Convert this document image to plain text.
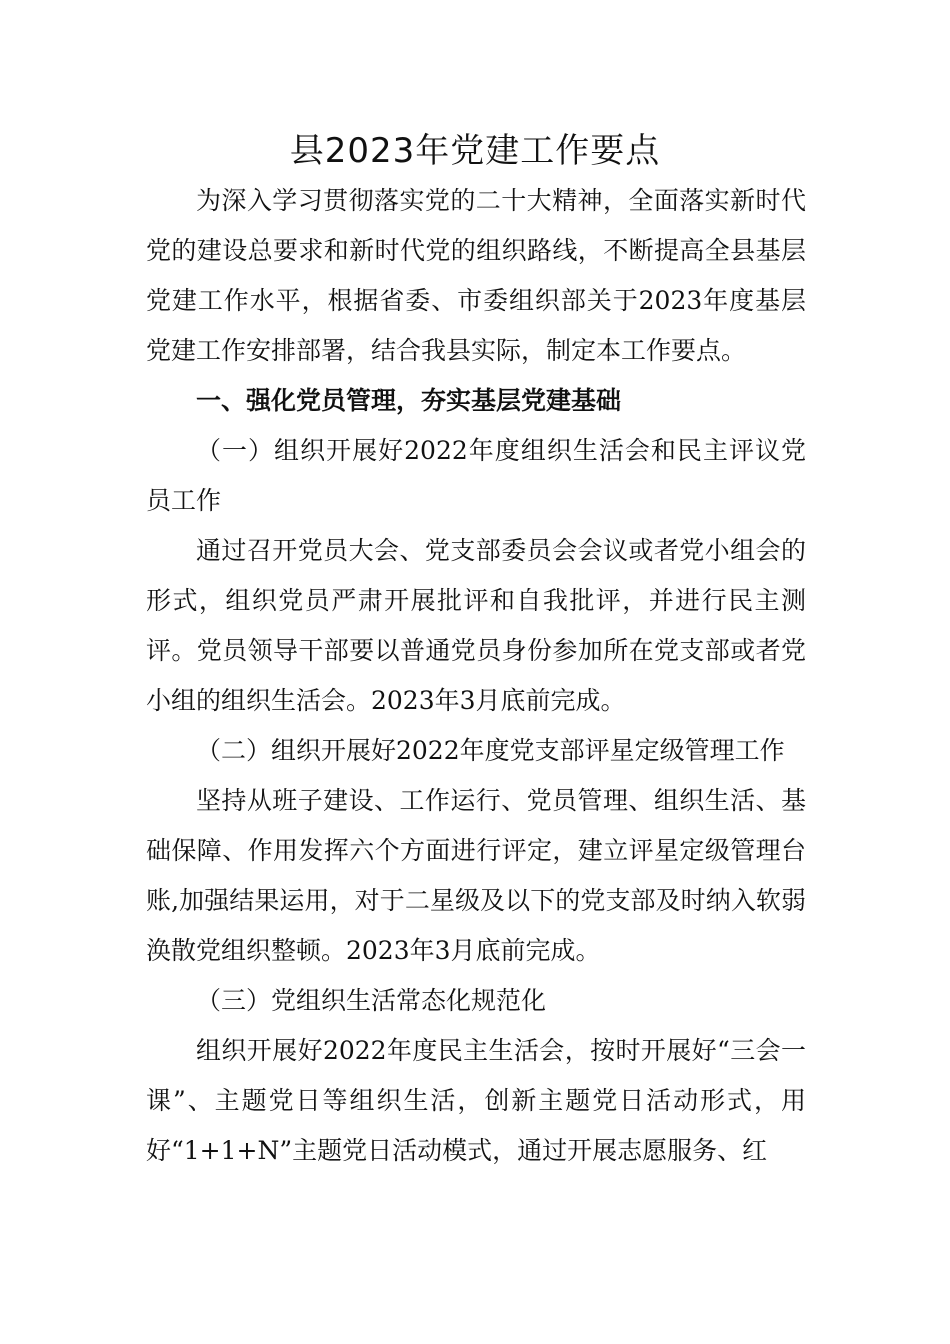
县2023年党建工作要点

为深入学习贯彻落实党的二十大精神，全面落实新时代党的建设总要求和新时代党的组织路线，不断提高全县基层党建工作水平，根据省委、市委组织部关于2023年度基层党建工作安排部署，结合我县实际，制定本工作要点。

一、强化党员管理，夯实基层党建基础

（一）组织开展好2022年度组织生活会和民主评议党员工作

通过召开党员大会、党支部委员会会议或者党小组会的形式，组织党员严肃开展批评和自我批评，并进行民主测评。党员领导干部要以普通党员身份参加所在党支部或者党小组的组织生活会。2023年3月底前完成。

（二）组织开展好2022年度党支部评星定级管理工作

坚持从班子建设、工作运行、党员管理、组织生活、基础保障、作用发挥六个方面进行评定，建立评星定级管理台账,加强结果运用，对于二星级及以下的党支部及时纳入软弱涣散党组织整顿。2023年3月底前完成。

（三）党组织生活常态化规范化

组织开展好2022年度民主生活会，按时开展好“三会一课”、主题党日等组织生活，创新主题党日活动形式，用好“1+1+N”主题党日活动模式，通过开展志愿服务、红
